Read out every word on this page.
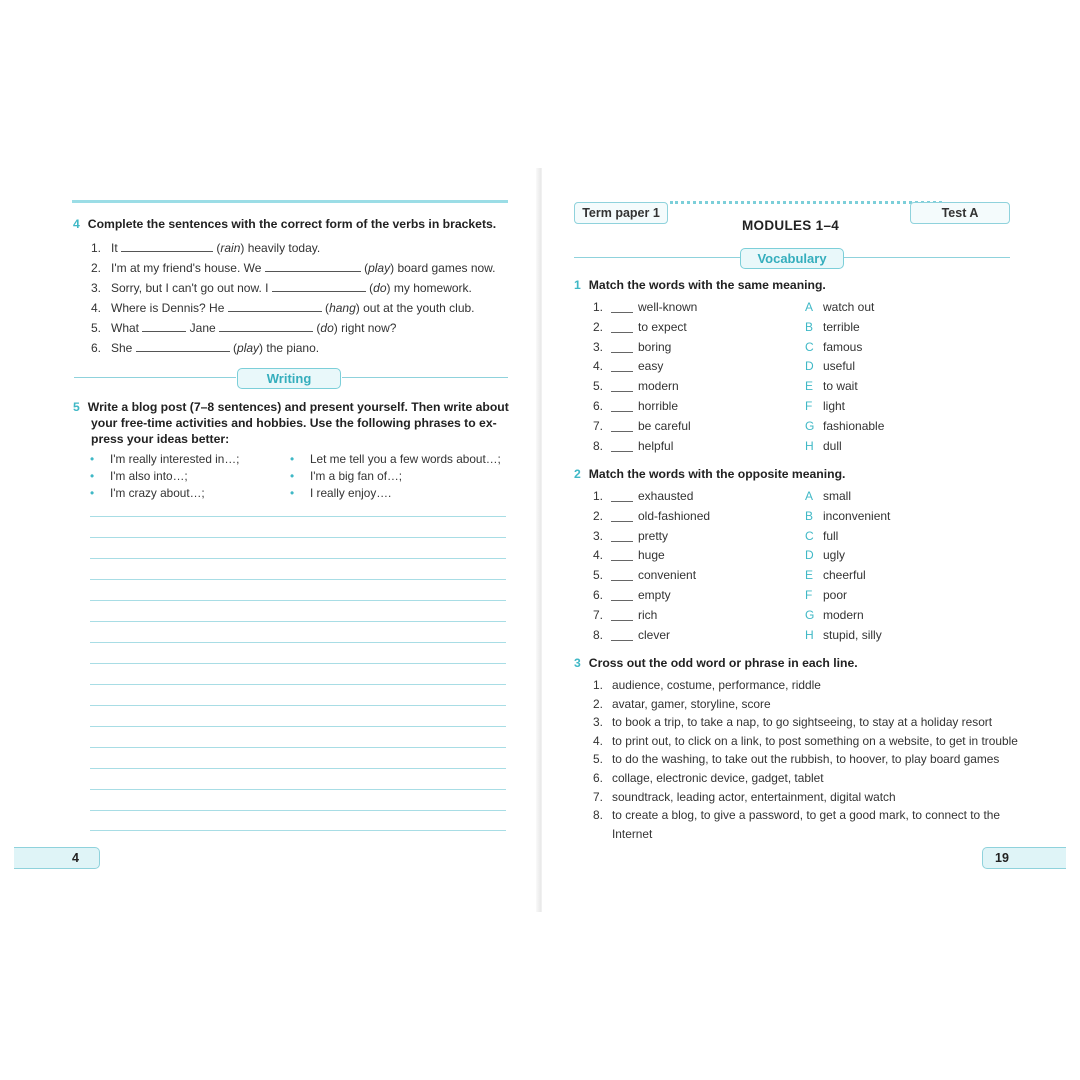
4 Complete the sentences with the correct form of the verbs in brackets.
1. It	(rain) heavily today.
2. I'm at my friend's house. We	(play) board games now.
3. Sorry, but I can't go out now. I	(do) my homework.
4. Where is Dennis? He	(hang) out at the youth club.
5. What	Jane	(do) right now?
6. She	(play) the piano.
Writing
5 Write a blog post (7–8 sentences) and present yourself. Then write about your free-time activities and hobbies. Use the following phrases to ex-press your ideas better:
• I'm really interested in…;
• I'm also into…;
• I'm crazy about…;
• Let me tell you a few words about…;
• I'm a big fan of…;
• I really enjoy….
4
Term paper 1	Test A
MODULES 1–4
Vocabulary
1 Match the words with the same meaning.
1.	well-known	A watch out
2.	to expect	B terrible
3.	boring	C famous
4.	easy	D useful
5.	modern	E to wait
6.	horrible	F light
7.	be careful	G fashionable
8.	helpful	H dull
2 Match the words with the opposite meaning.
1.	exhausted	A small
2.	old-fashioned	B inconvenient
3.	pretty	C full
4.	huge	D ugly
5.	convenient	E cheerful
6.	empty	F poor
7.	rich	G modern
8.	clever	H stupid, silly
3 Cross out the odd word or phrase in each line.
1. audience, costume, performance, riddle
2. avatar, gamer, storyline, score
3. to book a trip, to take a nap, to go sightseeing, to stay at a holiday resort
4. to print out, to click on a link, to post something on a website, to get in trouble
5. to do the washing, to take out the rubbish, to hoover, to play board games
6. collage, electronic device, gadget, tablet
7. soundtrack, leading actor, entertainment, digital watch
8. to create a blog, to give a password, to get a good mark, to connect to the Internet
19
